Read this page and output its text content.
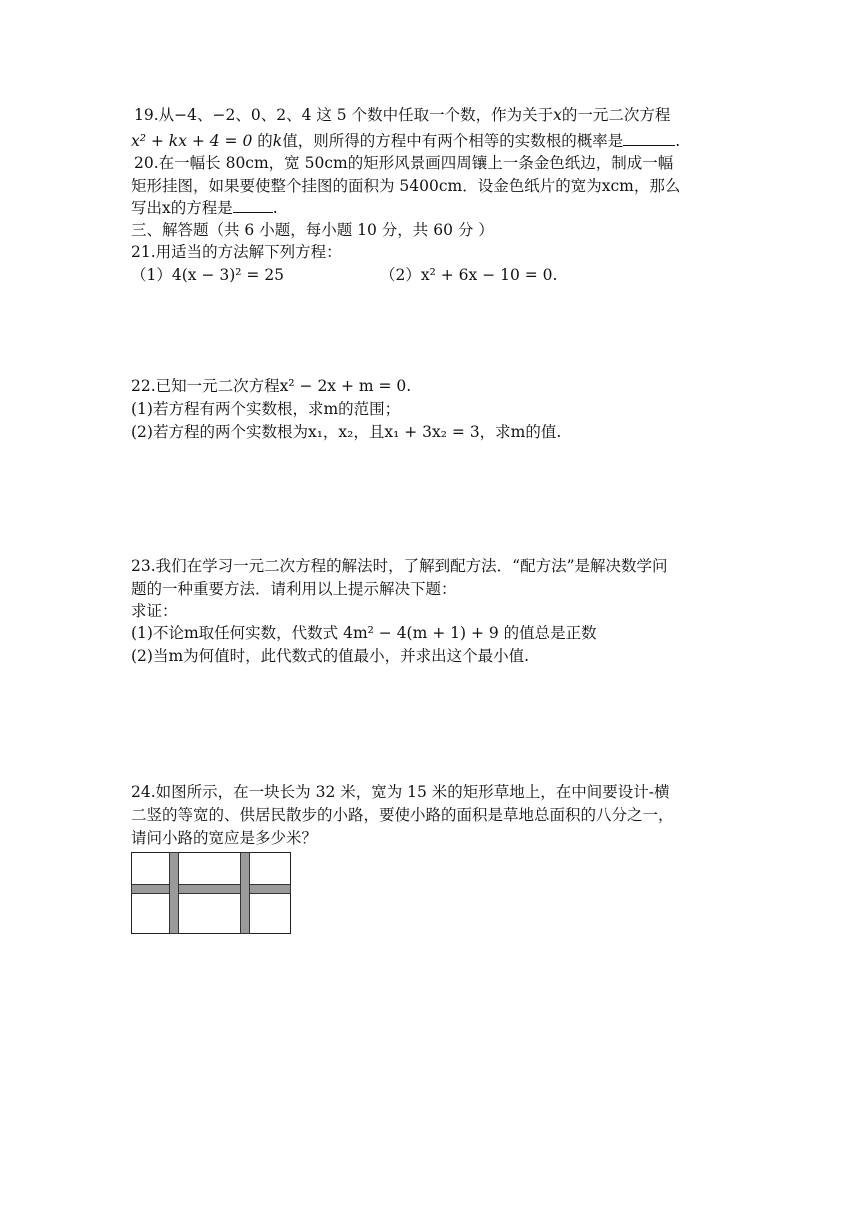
19.从−4、−2、0、2、4 这 5 个数中任取一个数，作为关于x的一元二次方程
x² + kx + 4 = 0 的k值，则所得的方程中有两个相等的实数根的概率是	.
20.在一幅长 80cm，宽 50cm的矩形风景画四周镶上一条金色纸边，制成一幅
矩形挂图，如果要使整个挂图的面积为 5400cm．设金色纸片的宽为xcm，那么
写出x的方程是	.
三、解答题（共 6 小题，每小题 10 分，共 60 分 ）
21.用适当的方法解下列方程：
（1）4(x − 3)² = 25	（2）x² + 6x − 10 = 0.
22.已知一元二次方程x² − 2x + m = 0.
(1)若方程有两个实数根，求m的范围；
(2)若方程的两个实数根为x₁，x₂，且x₁ + 3x₂ = 3，求m的值.
23.我们在学习一元二次方程的解法时，了解到配方法．“配方法”是解决数学问
题的一种重要方法．请利用以上提示解决下题：
求证：
(1)不论m取任何实数，代数式 4m² − 4(m + 1) + 9 的值总是正数
(2)当m为何值时，此代数式的值最小，并求出这个最小值.
24.如图所示，在一块长为 32 米，宽为 15 米的矩形草地上，在中间要设计-横
二竖的等宽的、供居民散步的小路，要使小路的面积是草地总面积的八分之一，
请问小路的宽应是多少米？
